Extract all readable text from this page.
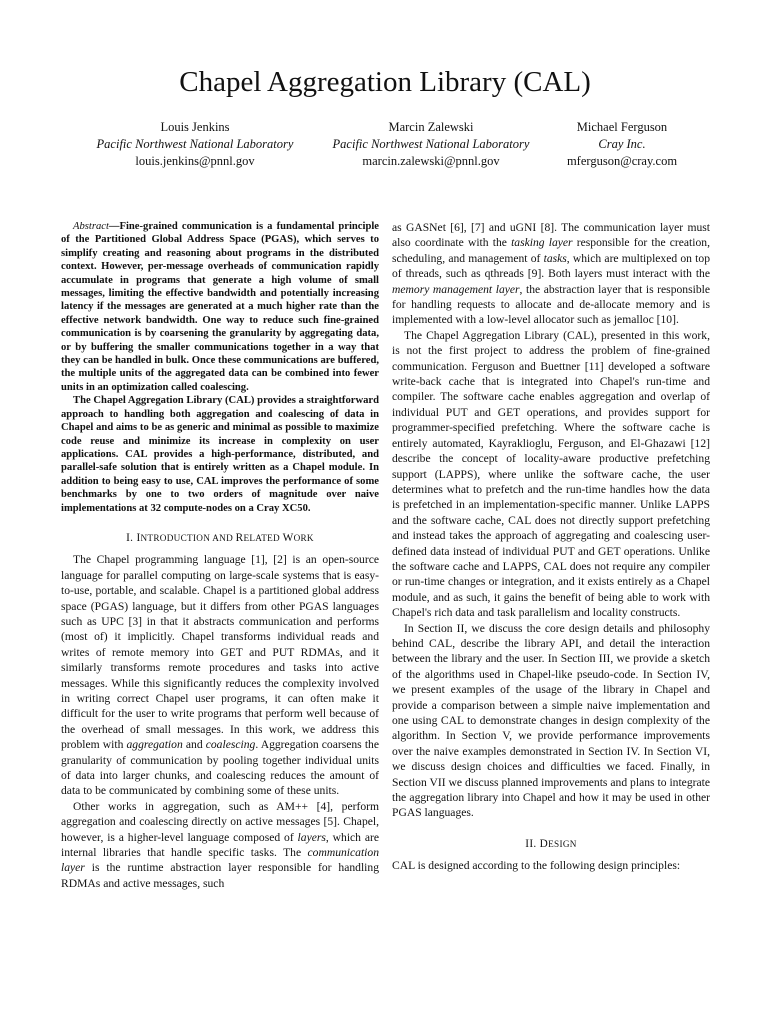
Chapel Aggregation Library (CAL)
Louis Jenkins
Pacific Northwest National Laboratory
louis.jenkins@pnnl.gov
Marcin Zalewski
Pacific Northwest National Laboratory
marcin.zalewski@pnnl.gov
Michael Ferguson
Cray Inc.
mferguson@cray.com

Abstract—Fine-grained communication is a fundamental principle of the Partitioned Global Address Space (PGAS), which serves to simplify creating and reasoning about programs in the distributed context. However, per-message overheads of communication rapidly accumulate in programs that generate a high volume of small messages, limiting the effective bandwidth and potentially increasing latency if the messages are generated at a much higher rate than the effective network bandwidth. One way to reduce such fine-grained communication is by coarsening the granularity by aggregating data, or by buffering the smaller communications together in a way that they can be handled in bulk. Once these communications are buffered, the multiple units of the aggregated data can be combined into fewer units in an optimization called coalescing.

The Chapel Aggregation Library (CAL) provides a straightforward approach to handling both aggregation and coalescing of data in Chapel and aims to be as generic and minimal as possible to maximize code reuse and minimize its increase in complexity on user applications. CAL provides a high-performance, distributed, and parallel-safe solution that is entirely written as a Chapel module. In addition to being easy to use, CAL improves the performance of some benchmarks by one to two orders of magnitude over naive implementations at 32 compute-nodes on a Cray XC50.

I. INTRODUCTION AND RELATED WORK

The Chapel programming language [1], [2] is an open-source language for parallel computing on large-scale systems that is easy-to-use, portable, and scalable. Chapel is a partitioned global address space (PGAS) language, but it differs from other PGAS languages such as UPC [3] in that it abstracts communication and performs (most of) it implicitly. Chapel transforms individual reads and writes of remote memory into GET and PUT RDMAs, and it similarly transforms remote procedures and tasks into active messages. While this significantly reduces the complexity involved in writing correct Chapel user programs, it can often make it difficult for the user to write programs that perform well because of the overhead of small messages. In this work, we address this problem with aggregation and coalescing. Aggregation coarsens the granularity of communication by pooling together individual units of data into larger chunks, and coalescing reduces the amount of data to be communicated by combining some of these units.

Other works in aggregation, such as AM++ [4], perform aggregation and coalescing directly on active messages [5]. Chapel, however, is a higher-level language composed of layers, which are internal libraries that handle specific tasks. The communication layer is the runtime abstraction layer responsible for handling RDMAs and active messages, such

as GASNet [6], [7] and uGNI [8]. The communication layer must also coordinate with the tasking layer responsible for the creation, scheduling, and management of tasks, which are multiplexed on top of threads, such as qthreads [9]. Both layers must interact with the memory management layer, the abstraction layer that is responsible for handling requests to allocate and de-allocate memory and is implemented with a low-level allocator such as jemalloc [10].

The Chapel Aggregation Library (CAL), presented in this work, is not the first project to address the problem of fine-grained communication. Ferguson and Buettner [11] developed a software write-back cache that is integrated into Chapel's run-time and compiler. The software cache enables aggregation and overlap of individual PUT and GET operations, and provides support for programmer-specified prefetching. Where the software cache is entirely automated, Kayraklioglu, Ferguson, and El-Ghazawi [12] describe the concept of locality-aware productive prefetching support (LAPPS), where unlike the software cache, the user determines what to prefetch and the run-time handles how the data is prefetched in an implementation-specific manner. Unlike LAPPS and the software cache, CAL does not directly support prefetching and instead takes the approach of aggregating and coalescing user-defined data instead of individual PUT and GET operations. Unlike the software cache and LAPPS, CAL does not require any compiler or run-time changes or integration, and it exists entirely as a Chapel module, and as such, it gains the benefit of being able to work with Chapel's rich data and task parallelism and locality constructs.

In Section II, we discuss the core design details and philosophy behind CAL, describe the library API, and detail the interaction between the library and the user. In Section III, we provide a sketch of the algorithms used in Chapel-like pseudo-code. In Section IV, we present examples of the usage of the library in Chapel and provide a comparison between a simple naive implementation and one using CAL to demonstrate changes in design complexity of the algorithm. In Section V, we provide performance improvements over the naive examples demonstrated in Section IV. In Section VI, we discuss design choices and difficulties we faced. Finally, in Section VII we discuss planned improvements and plans to integrate the aggregation library into Chapel and how it may be used in other PGAS languages.

II. DESIGN

CAL is designed according to the following design principles:
